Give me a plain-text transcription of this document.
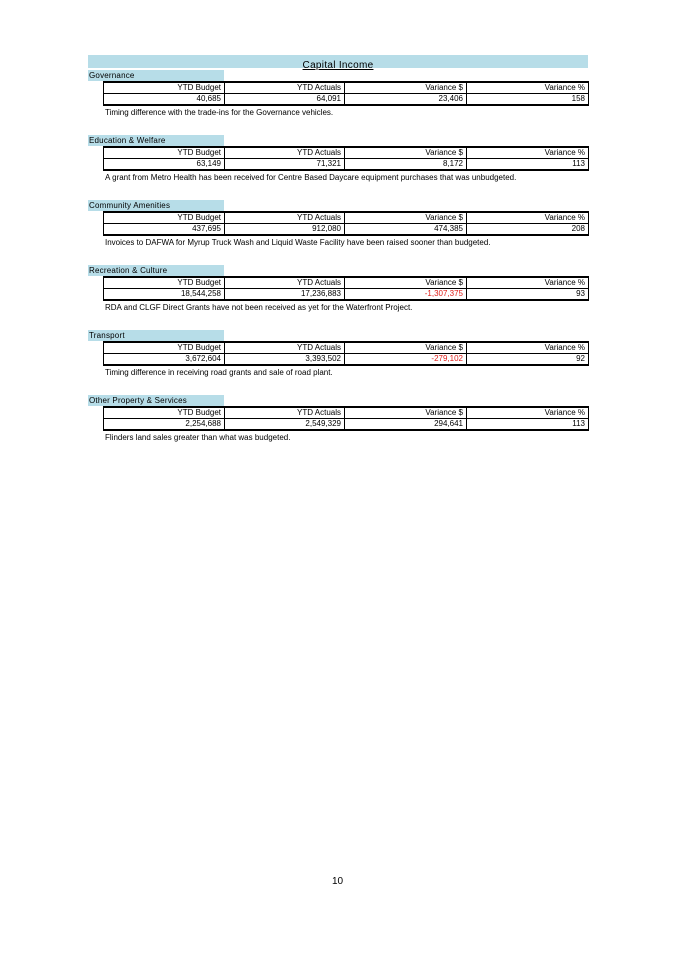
Capital Income
Governance
YTD Budget	YTD Actuals	Variance $	Variance %
40,685	64,091	23,406	158
Timing difference with the trade-ins for the Governance vehicles.
Education & Welfare
YTD Budget	YTD Actuals	Variance $	Variance %
63,149	71,321	8,172	113
A grant from Metro Health has been received for Centre Based Daycare equipment purchases that was unbudgeted.
Community Amenities
YTD Budget	YTD Actuals	Variance $	Variance %
437,695	912,080	474,385	208
Invoices to DAFWA for Myrup Truck Wash and Liquid Waste Facility have been raised sooner than budgeted.
Recreation & Culture
YTD Budget	YTD Actuals	Variance $	Variance %
18,544,258	17,236,883	-1,307,375	93
RDA and CLGF Direct Grants have not been received as yet for the Waterfront Project.
Transport
YTD Budget	YTD Actuals	Variance $	Variance %
3,672,604	3,393,502	-279,102	92
Timing difference in receiving road grants and sale of road plant.
Other Property & Services
YTD Budget	YTD Actuals	Variance $	Variance %
2,254,688	2,549,329	294,641	113
Flinders land sales greater than what was budgeted.
10
